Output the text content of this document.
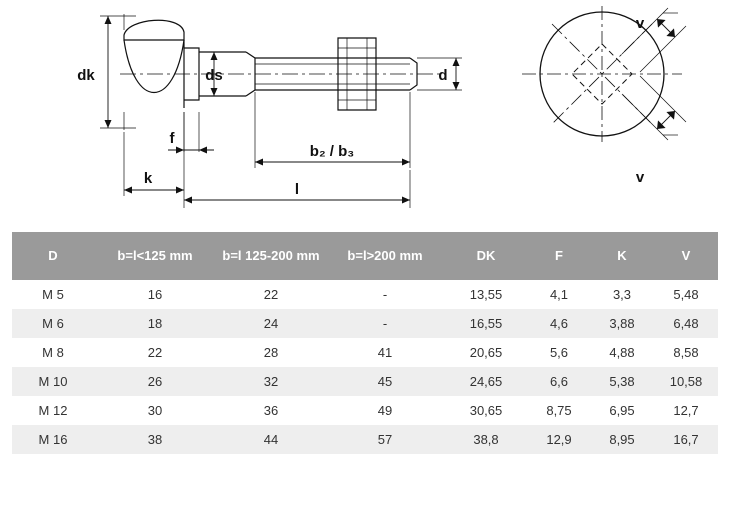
dk	ds	d
f
k
b₂ / b₃
l
v
v
D	b=l<125 mm	b=l 125-200 mm	b=l>200 mm	DK	F	K	V
M 5	16	22	-	13,55	4,1	3,3	5,48
M 6	18	24	-	16,55	4,6	3,88	6,48
M 8	22	28	41	20,65	5,6	4,88	8,58
M 10	26	32	45	24,65	6,6	5,38	10,58
M 12	30	36	49	30,65	8,75	6,95	12,7
M 16	38	44	57	38,8	12,9	8,95	16,7
